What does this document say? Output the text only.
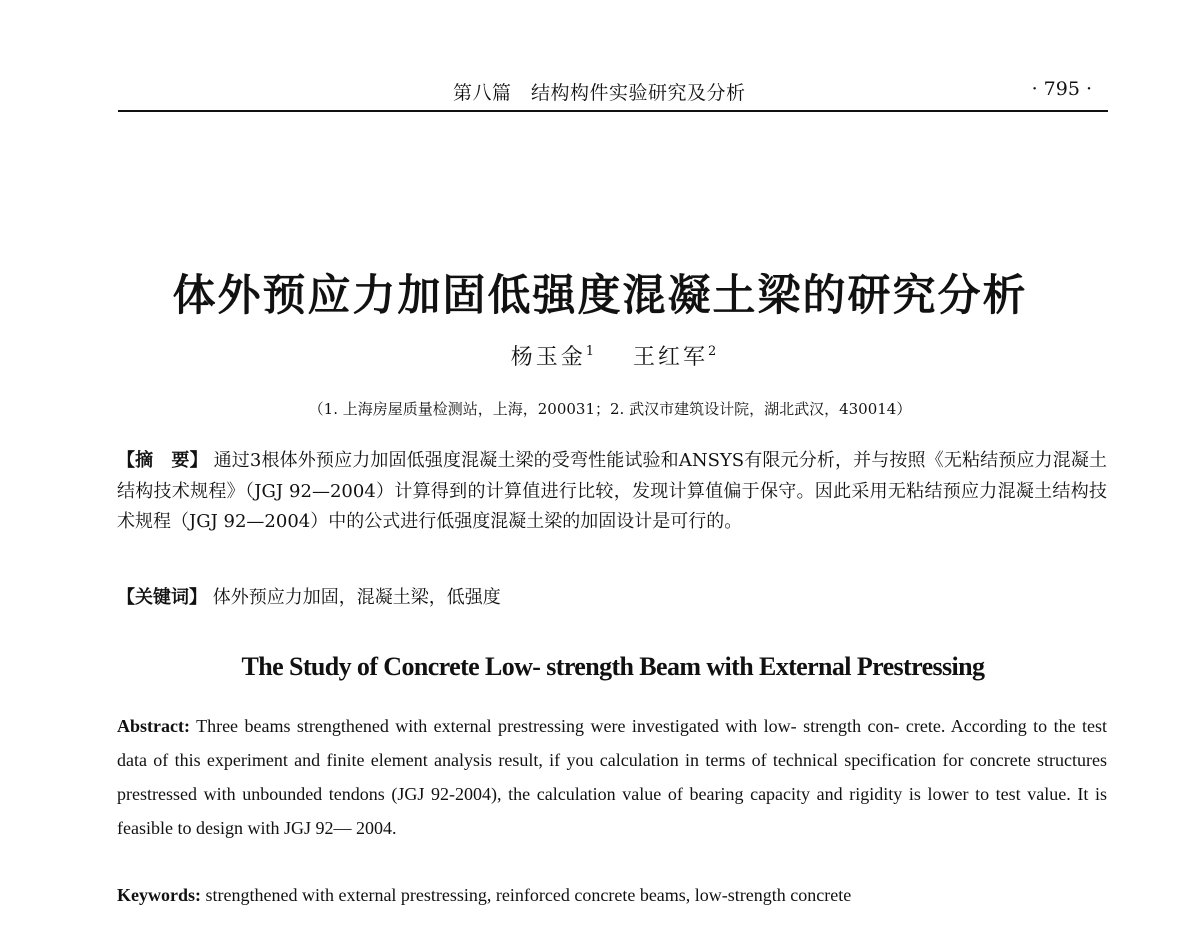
第八篇　结构构件实验研究及分析	· 795 ·
体外预应力加固低强度混凝土梁的研究分析
杨玉金$^1$ 王红军$^2$
（1. 上海房屋质量检测站，上海，200031；2. 武汉市建筑设计院，湖北武汉，430014）
【摘　要】 通过3根体外预应力加固低强度混凝土梁的受弯性能试验和ANSYS有限元分析，并与按照《无粘结预应力混凝土结构技术规程》（JGJ 92—2004）计算得到的计算值进行比较，发现计算值偏于保守。因此采用无粘结预应力混凝土结构技术规程（JGJ 92—2004）中的公式进行低强度混凝土梁的加固设计是可行的。
【关键词】 体外预应力加固，混凝土梁，低强度
The Study of Concrete Low- strength Beam with External Prestressing
Abstract: Three beams strengthened with external prestressing were investigated with low- strength con- crete. According to the test data of this experiment and finite element analysis result, if you calculation in terms of technical specification for concrete structures prestressed with unbounded tendons (JGJ 92-2004), the calculation value of bearing capacity and rigidity is lower to test value. It is feasible to design with JGJ 92— 2004.
Keywords: strengthened with external prestressing, reinforced concrete beams, low-strength concrete
